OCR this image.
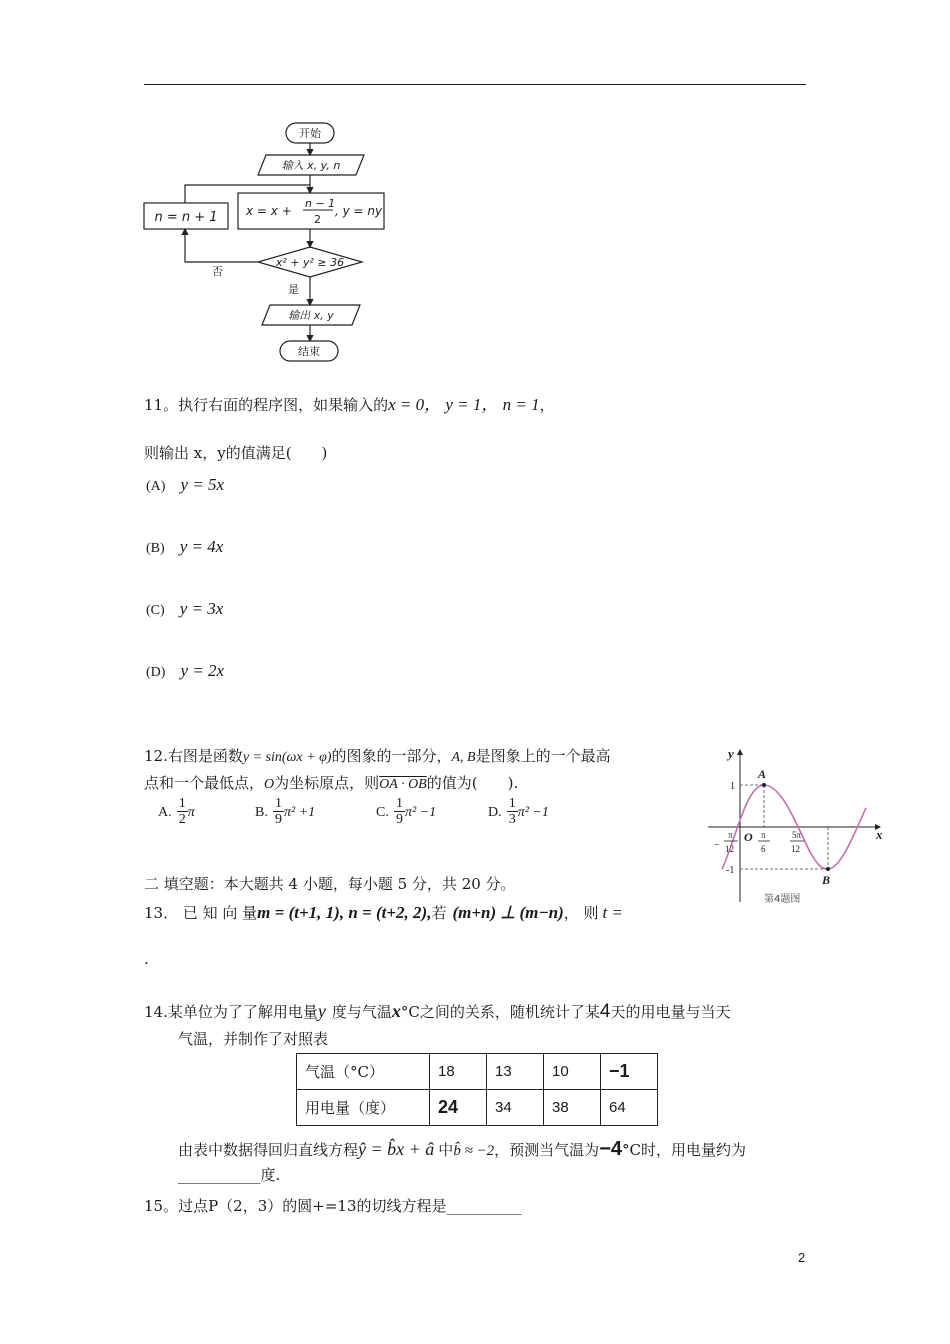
开始
输入 x, y, n
x = x +
n − 1
2
, y = ny
n = n + 1
x² + y² ≥ 36
否
是
输出 x, y
结束
11。执行右面的程序图，如果输入的x = 0， y = 1， n = 1，
则输出 x，y的值满足(　　)
(A) y = 5x
(B) y = 4x
(C) y = 3x
(D) y = 2x
12.右图是函数y = sin(ωx + φ)的图象的一部分，A, B是图象上的一个最高
点和一个最低点，O为坐标原点，则OA · OB的值为(　　).
A. $\frac{1}{2}$ π	B. $\frac{1}{9} \pi^2 +1$	C. $\frac{1}{9} \pi^2 -1$	D. $\frac{1}{3} \pi^2 -1$
y
x
1
-1
O
A
B
−
π
12
π
6
5π
12
第4题图
二 填空题：本大题共 4 小题，每小题 5 分，共 20 分。
13． 已 知 向 量m = (t+1, 1), n = (t+2, 2),若 (m+n) ⊥ (m−n)， 则 t =
.
14.某单位为了了解用电量y 度与气温x°C之间的关系，随机统计了某4天的用电量与当天
气温，并制作了对照表
气温（°C）	18	13	10	−1
用电量（度）	24	34	38	64
由表中数据得回归直线方程ŷ = b̂x + â 中b̂ ≈ −2，预测当气温为−4°C时，用电量约为
___________度.
15。过点P（2，3）的圆+=13的切线方程是__________
2
